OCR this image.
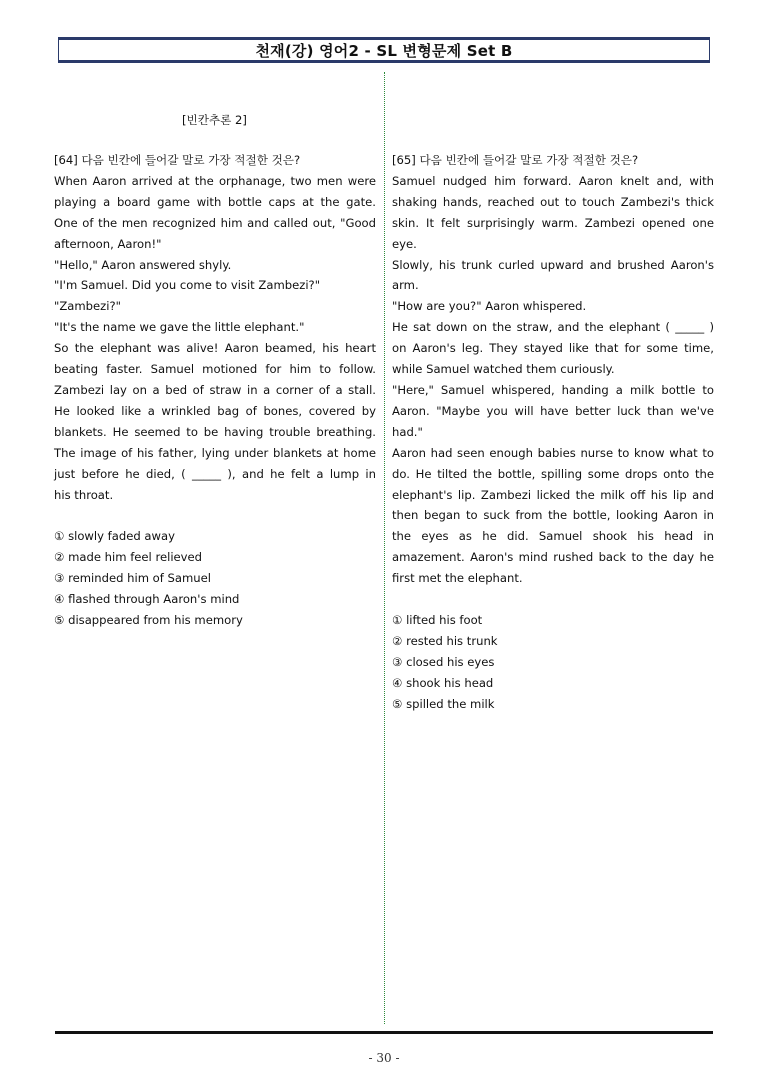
천재(강) 영어2 - SL 변형문제 Set B
[빈칸추론 2]
[64] 다음 빈칸에 들어갈 말로 가장 적절한 것은?
When Aaron arrived at the orphanage, two men were
playing a board game with bottle caps at the gate.
One of the men recognized him and called out, "Good
afternoon, Aaron!"
"Hello," Aaron answered shyly.
"I'm Samuel. Did you come to visit Zambezi?"
"Zambezi?"
"It's the name we gave the little elephant."
So the elephant was alive! Aaron beamed, his heart
beating faster. Samuel motioned for him to follow.
Zambezi lay on a bed of straw in a corner of a stall.
He looked like a wrinkled bag of bones, covered by
blankets. He seemed to be having trouble breathing.
The image of his father, lying under blankets at home
just before he died, ( _____ ), and he felt a lump in
his throat.
① slowly faded away
② made him feel relieved
③ reminded him of Samuel
④ flashed through Aaron's mind
⑤ disappeared from his memory
[65] 다음 빈칸에 들어갈 말로 가장 적절한 것은?
Samuel nudged him forward. Aaron knelt and, with
shaking hands, reached out to touch Zambezi's thick
skin. It felt surprisingly warm. Zambezi opened one eye.
Slowly, his trunk curled upward and brushed Aaron's
arm.
"How are you?" Aaron whispered.
He sat down on the straw, and the elephant ( _____ )
on Aaron's leg. They stayed like that for some time,
while Samuel watched them curiously.
"Here," Samuel whispered, handing a milk bottle to
Aaron. "Maybe you will have better luck than we've
had."
Aaron had seen enough babies nurse to know what to
do. He tilted the bottle, spilling some drops onto the
elephant's lip. Zambezi licked the milk off his lip and
then began to suck from the bottle, looking Aaron in
the eyes as he did. Samuel shook his head in
amazement. Aaron's mind rushed back to the day he
first met the elephant.
① lifted his foot
② rested his trunk
③ closed his eyes
④ shook his head
⑤ spilled the milk
- 30 -
